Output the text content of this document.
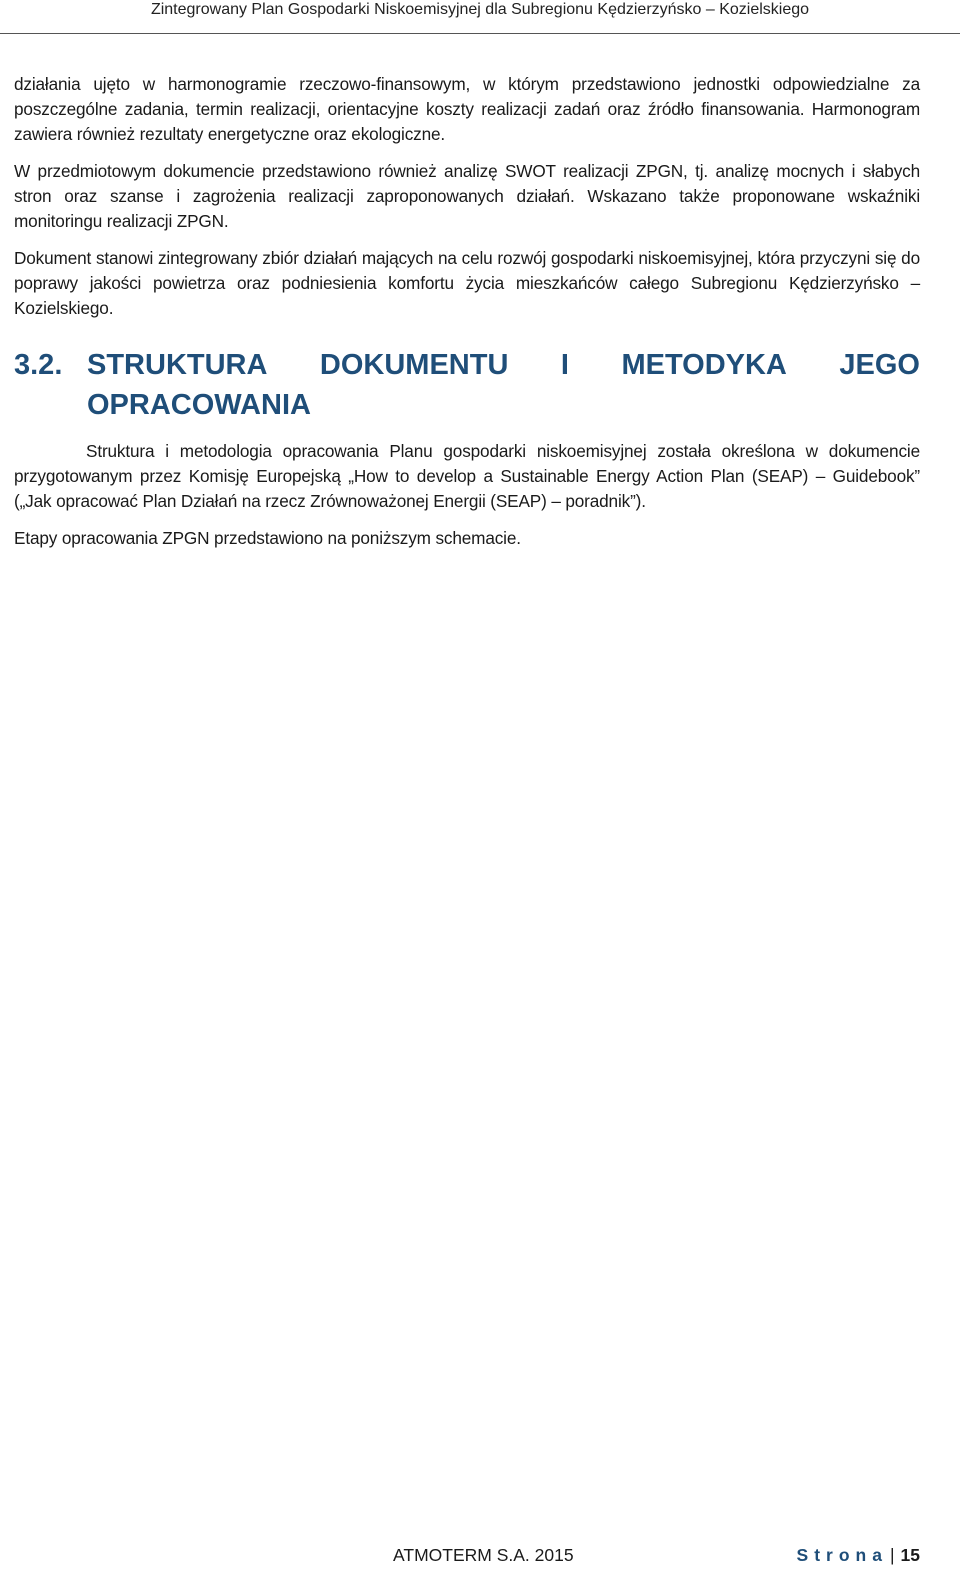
Zintegrowany Plan Gospodarki Niskoemisyjnej dla Subregionu Kędzierzyńsko – Kozielskiego

działania ujęto w harmonogramie rzeczowo-finansowym, w którym przedstawiono jednostki odpowiedzialne za poszczególne zadania, termin realizacji, orientacyjne koszty realizacji zadań oraz źródło finansowania. Harmonogram zawiera również rezultaty energetyczne oraz ekologiczne.

W przedmiotowym dokumencie przedstawiono również analizę SWOT realizacji ZPGN, tj. analizę mocnych i słabych stron oraz szanse i zagrożenia realizacji zaproponowanych działań. Wskazano także proponowane wskaźniki monitoringu realizacji ZPGN.

Dokument stanowi zintegrowany zbiór działań mających na celu rozwój gospodarki niskoemisyjnej, która przyczyni się do poprawy jakości powietrza oraz podniesienia komfortu życia mieszkańców całego Subregionu Kędzierzyńsko – Kozielskiego.

3.2. STRUKTURA DOKUMENTU I METODYKA JEGO
OPRACOWANIA

Struktura i metodologia opracowania Planu gospodarki niskoemisyjnej została określona w dokumencie przygotowanym przez Komisję Europejską „How to develop a Sustainable Energy Action Plan (SEAP) – Guidebook” („Jak opracować Plan Działań na rzecz Zrównoważonej Energii (SEAP) – poradnik”).

Etapy opracowania ZPGN przedstawiono na poniższym schemacie.

ATMOTERM S.A. 2015	Strona | 15
